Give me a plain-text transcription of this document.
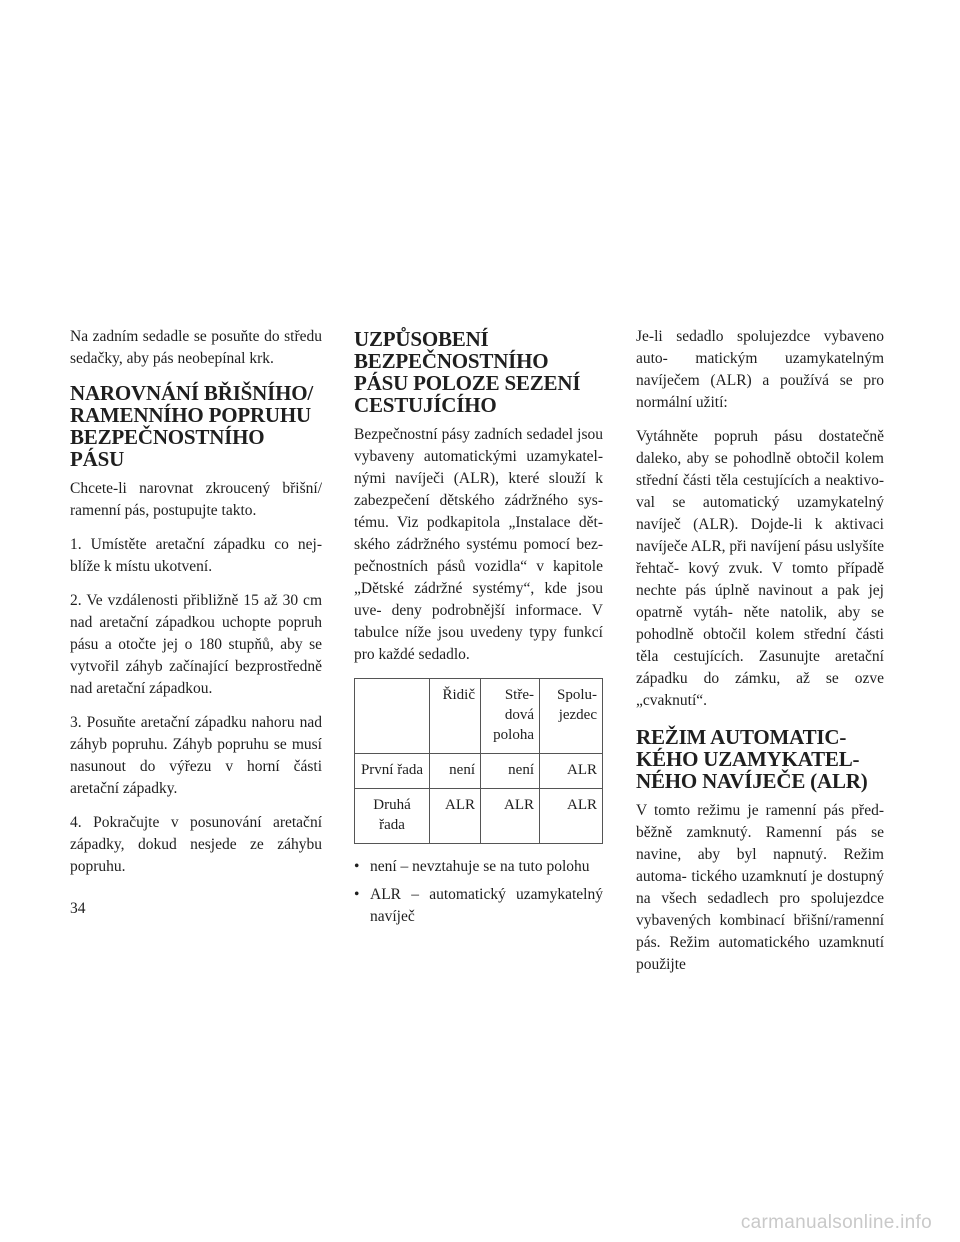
Na zadním sedadle se posuňte do středu sedačky, aby pás neobepínal krk.

NAROVNÁNÍ BŘIŠNÍHO/ RAMENNÍHO POPRUHU BEZPEČNOSTNÍHO PÁSU

Chcete-li narovnat zkroucený břišní/ ramenní pás, postupujte takto.

1. Umístěte aretační západku co nej- blíže k místu ukotvení.

2. Ve vzdálenosti přibližně 15 až 30 cm nad aretační západkou uchopte popruh pásu a otočte jej o 180 stupňů, aby se vytvořil záhyb začínající bezprostředně nad aretační západkou.

3. Posuňte aretační západku nahoru nad záhyb popruhu. Záhyb popruhu se musí nasunout do výřezu v horní části aretační západky.

4. Pokračujte v posunování aretační západky, dokud nesjede ze záhybu popruhu.

UZPŮSOBENÍ BEZPEČNOSTNÍHO PÁSU POLOZE SEZENÍ CESTUJÍCÍHO

Bezpečnostní pásy zadních sedadel jsou vybaveny automatickými uzamykatel- nými navíječi (ALR), které slouží k zabezpečení dětského zádržného sys- tému. Viz podkapitola „Instalace dět- ského zádržného systému pomocí bez- pečnostních pásů vozidla“ v kapitole „Dětské zádržné systémy“, kde jsou uve- deny podrobnější informace. V tabulce níže jsou uvedeny typy funkcí pro každé sedadlo.

	Řidič	Stře- dová poloha	Spolu- jezdec
První řada	není	není	ALR
Druhá řada	ALR	ALR	ALR
• není – nevztahuje se na tuto polohu
• ALR – automatický uzamykatelný navíječ

Je-li sedadlo spolujezdce vybaveno auto- matickým uzamykatelným navíječem (ALR) a používá se pro normální užití:

Vytáhněte popruh pásu dostatečně daleko, aby se pohodlně obtočil kolem střední části těla cestujících a neaktivo- val se automatický uzamykatelný navíječ (ALR). Dojde-li k aktivaci navíječe ALR, při navíjení pásu uslyšíte řehtač- kový zvuk. V tomto případě nechte pás úplně navinout a pak jej opatrně vytáh- něte natolik, aby se pohodlně obtočil kolem střední části těla cestujících. Zasunujte aretační západku do zámku, až se ozve „cvaknutí“.

REŽIM AUTOMATIC- KÉHO UZAMYKATEL- NÉHO NAVÍJEČE (ALR)

V tomto režimu je ramenní pás před- běžně zamknutý. Ramenní pás se navine, aby byl napnutý. Režim automa- tického uzamknutí je dostupný na všech sedadlech pro spolujezdce vybavených kombinací břišní/ramenní pás. Režim automatického uzamknutí použijte

34
carmanualsonline.info
